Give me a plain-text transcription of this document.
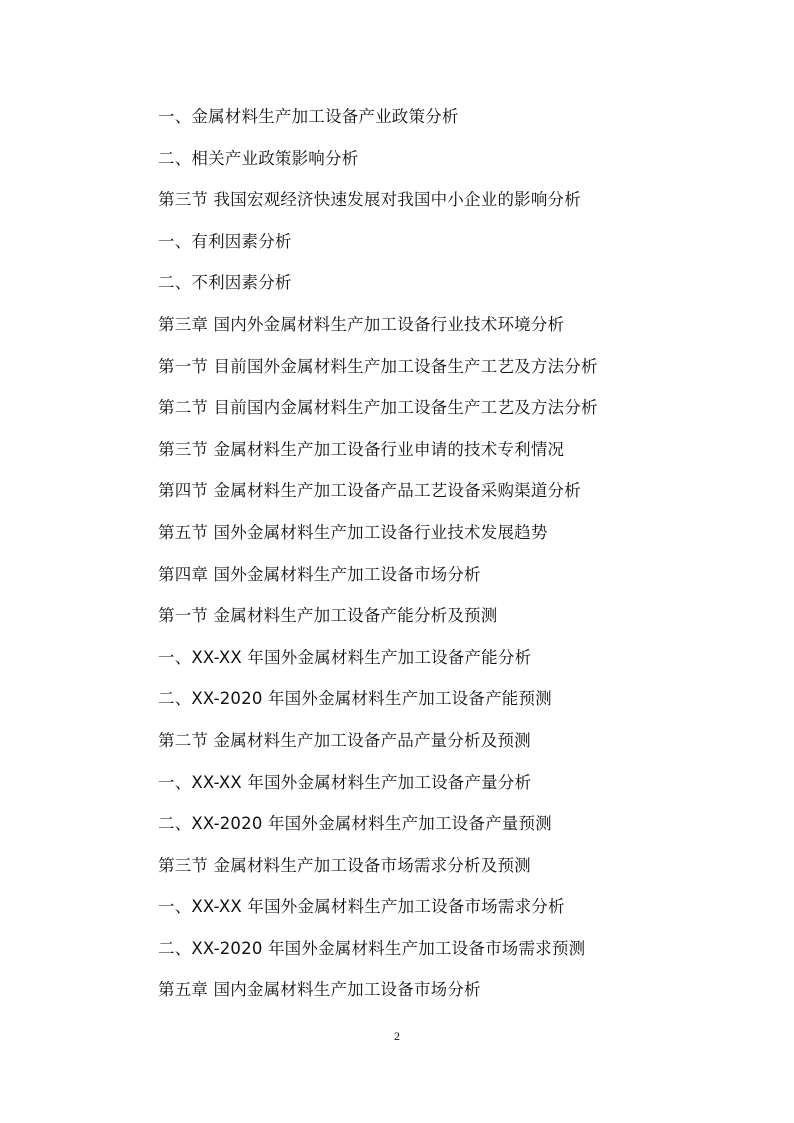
一、金属材料生产加工设备产业政策分析
二、相关产业政策影响分析
第三节 我国宏观经济快速发展对我国中小企业的影响分析
一、有利因素分析
二、不利因素分析
第三章 国内外金属材料生产加工设备行业技术环境分析
第一节 目前国外金属材料生产加工设备生产工艺及方法分析
第二节 目前国内金属材料生产加工设备生产工艺及方法分析
第三节 金属材料生产加工设备行业申请的技术专利情况
第四节 金属材料生产加工设备产品工艺设备采购渠道分析
第五节 国外金属材料生产加工设备行业技术发展趋势
第四章 国外金属材料生产加工设备市场分析
第一节 金属材料生产加工设备产能分析及预测
一、XX-XX 年国外金属材料生产加工设备产能分析
二、XX-2020 年国外金属材料生产加工设备产能预测
第二节 金属材料生产加工设备产品产量分析及预测
一、XX-XX 年国外金属材料生产加工设备产量分析
二、XX-2020 年国外金属材料生产加工设备产量预测
第三节 金属材料生产加工设备市场需求分析及预测
一、XX-XX 年国外金属材料生产加工设备市场需求分析
二、XX-2020 年国外金属材料生产加工设备市场需求预测
第五章 国内金属材料生产加工设备市场分析
2
